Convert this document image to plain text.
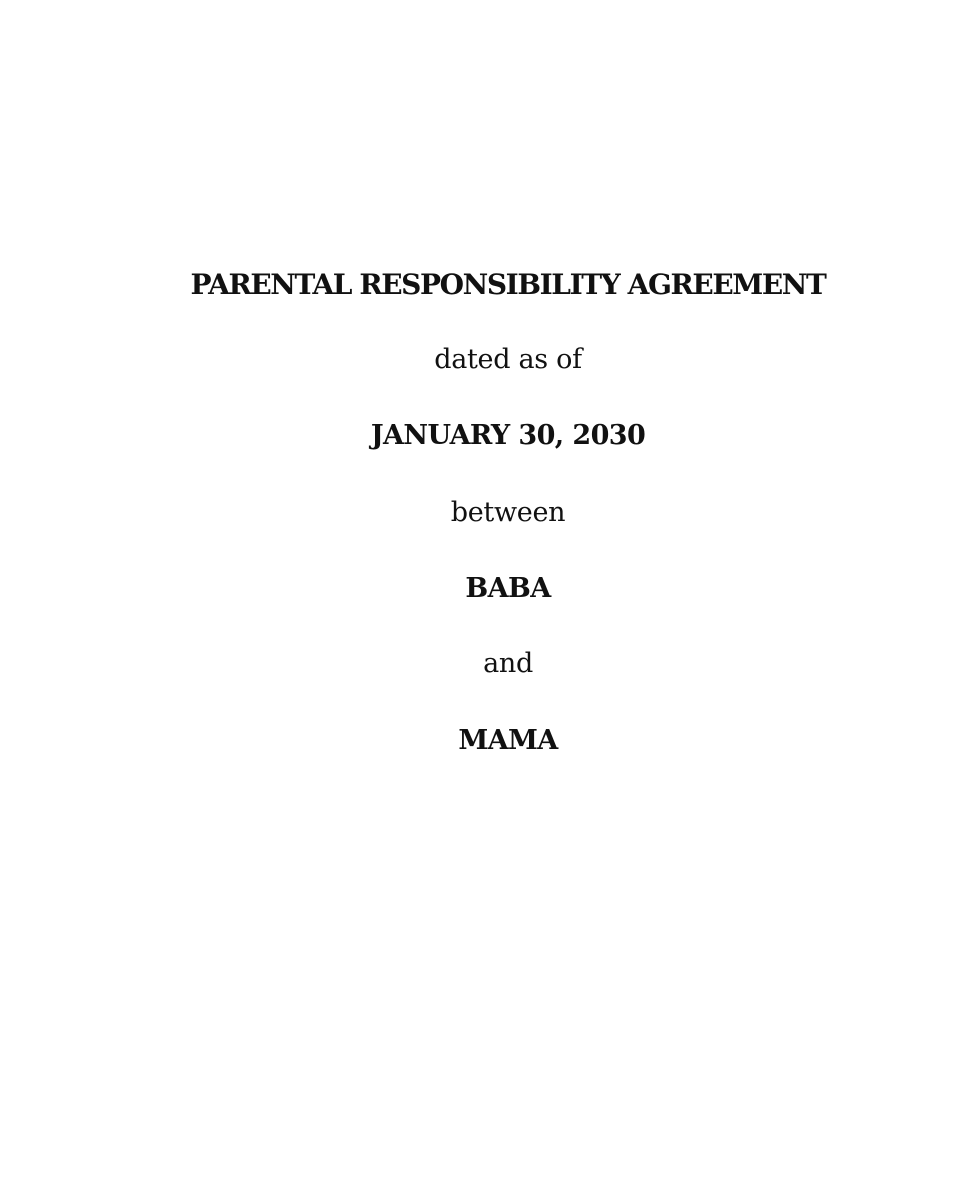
PARENTAL RESPONSIBILITY AGREEMENT
dated as of
JANUARY 30, 2030
between
BABA
and
MAMA
